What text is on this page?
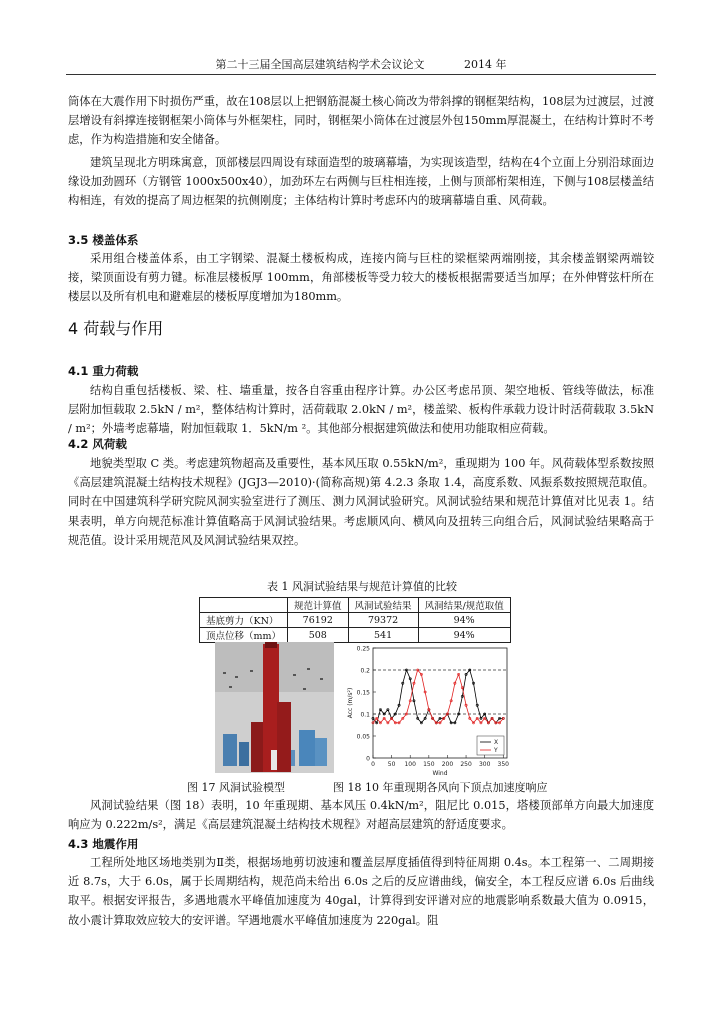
第二十三届全国高层建筑结构学术会议论文	2014 年

筒体在大震作用下时损伤严重，故在108层以上把钢筋混凝土核心筒改为带斜撑的钢框架结构，108层为过渡层，过渡层增设有斜撑连接钢框架小筒体与外框架柱，同时，钢框架小筒体在过渡层外包150mm厚混凝土，在结构计算时不考虑，作为构造措施和安全储备。

建筑呈现北方明珠寓意，顶部楼层四周设有球面造型的玻璃幕墙，为实现该造型，结构在4个立面上分别沿球面边缘设加劲圆环（方钢管 1000x500x40），加劲环左右两侧与巨柱相连接，上侧与顶部桁架相连，下侧与108层楼盖结构相连，有效的提高了周边框架的抗侧刚度；主体结构计算时考虑环内的玻璃幕墙自重、风荷载。

3.5 楼盖体系

采用组合楼盖体系，由工字钢梁、混凝土楼板构成，连接内筒与巨柱的梁框梁两端刚接，其余楼盖钢梁两端铰接，梁顶面设有剪力键。标准层楼板厚 100mm，角部楼板等受力较大的楼板根据需要适当加厚；在外伸臂弦杆所在楼层以及所有机电和避难层的楼板厚度增加为180mm。

4 荷载与作用

4.1 重力荷载

结构自重包括楼板、梁、柱、墙重量，按各自容重由程序计算。办公区考虑吊顶、架空地板、管线等做法，标准层附加恒载取 2.5kN / m²，整体结构计算时，活荷载取 2.0kN / m²，楼盖梁、板构件承载力设计时活荷载取 3.5kN / m²；外墙考虑幕墙，附加恒载取 1．5kN/m ²。其他部分根据建筑做法和使用功能取相应荷载。

4.2 风荷载

地貌类型取 C 类。考虑建筑物超高及重要性，基本风压取 0.55kN/m²，重现期为 100 年。风荷载体型系数按照《高层建筑混凝土结构技术规程》(JGJ3—2010)·(简称高规)第 4.2.3 条取 1.4，高度系数、风振系数按照规范取值。同时在中国建筑科学研究院风洞实验室进行了测压、测力风洞试验研究。风洞试验结果和规范计算值对比见表 1。结果表明，单方向规范标准计算值略高于风洞试验结果。考虑顺风向、横风向及扭转三向组合后，风洞试验结果略高于规范值。设计采用规范风及风洞试验结果双控。

表 1 风洞试验结果与规范计算值的比较

	规范计算值	风洞试验结果	风洞结果/规范取值
基底剪力（KN）	76192	79372	94%
顶点位移（mm）	508	541	94%
0
0.05
0.1
0.15
0.2
0.25
0 50 100 150 200 250 300 350
Wind
Acc (m/s²)
X
Y

图 17 风洞试验模型	图 18 10 年重现期各风向下顶点加速度响应

风洞试验结果（图 18）表明，10 年重现期、基本风压 0.4kN/m²，阻尼比 0.015，塔楼顶部单方向最大加速度响应为 0.222m/s²，满足《高层建筑混凝土结构技术规程》对超高层建筑的舒适度要求。

4.3 地震作用

工程所处地区场地类别为Ⅱ类，根据场地剪切波速和覆盖层厚度插值得到特征周期 0.4s。本工程第一、二周期接近 8.7s，大于 6.0s，属于长周期结构，规范尚未给出 6.0s 之后的反应谱曲线，偏安全，本工程反应谱 6.0s 后曲线取平。根据安评报告，多遇地震水平峰值加速度为 40gal，计算得到安评谱对应的地震影响系数最大值为 0.0915，故小震计算取效应较大的安评谱。罕遇地震水平峰值加速度为 220gal。阻
